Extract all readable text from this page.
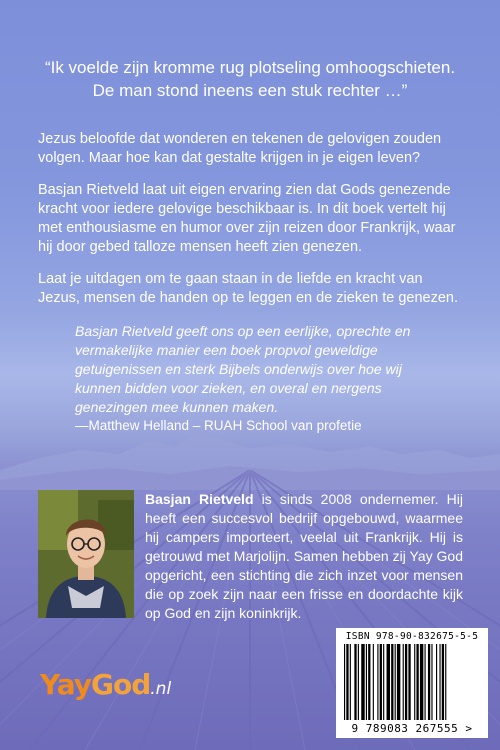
“Ik voelde zijn kromme rug plotseling omhoogschieten.
De man stond ineens een stuk rechter …”

Jezus beloofde dat wonderen en tekenen de gelovigen zouden volgen. Maar hoe kan dat gestalte krijgen in je eigen leven?

Basjan Rietveld laat uit eigen ervaring zien dat Gods genezende kracht voor iedere gelovige beschikbaar is. In dit boek vertelt hij met enthousiasme en humor over zijn reizen door Frankrijk, waar hij door gebed talloze mensen heeft zien genezen.

Laat je uitdagen om te gaan staan in de liefde en kracht van Jezus, mensen de handen op te leggen en de zieken te genezen.

Basjan Rietveld geeft ons op een eerlijke, oprechte en vermakelijke manier een boek propvol geweldige getuigenissen en sterk Bijbels onderwijs over hoe wij kunnen bidden voor zieken, en overal en nergens genezingen mee kunnen maken.

—Matthew Helland – RUAH School van profetie

Basjan Rietveld is sinds 2008 ondernemer. Hij heeft een succesvol bedrijf opgebouwd, waarmee hij campers importeert, veelal uit Frankrijk. Hij is getrouwd met Marjolijn. Samen hebben zij Yay God opgericht, een stichting die zich inzet voor mensen die op zoek zijn naar een frisse en doordachte kijk op God en zijn koninkrijk.

YayGod.nl

ISBN 978-90-832675-5-5
9 789083 267555 >
